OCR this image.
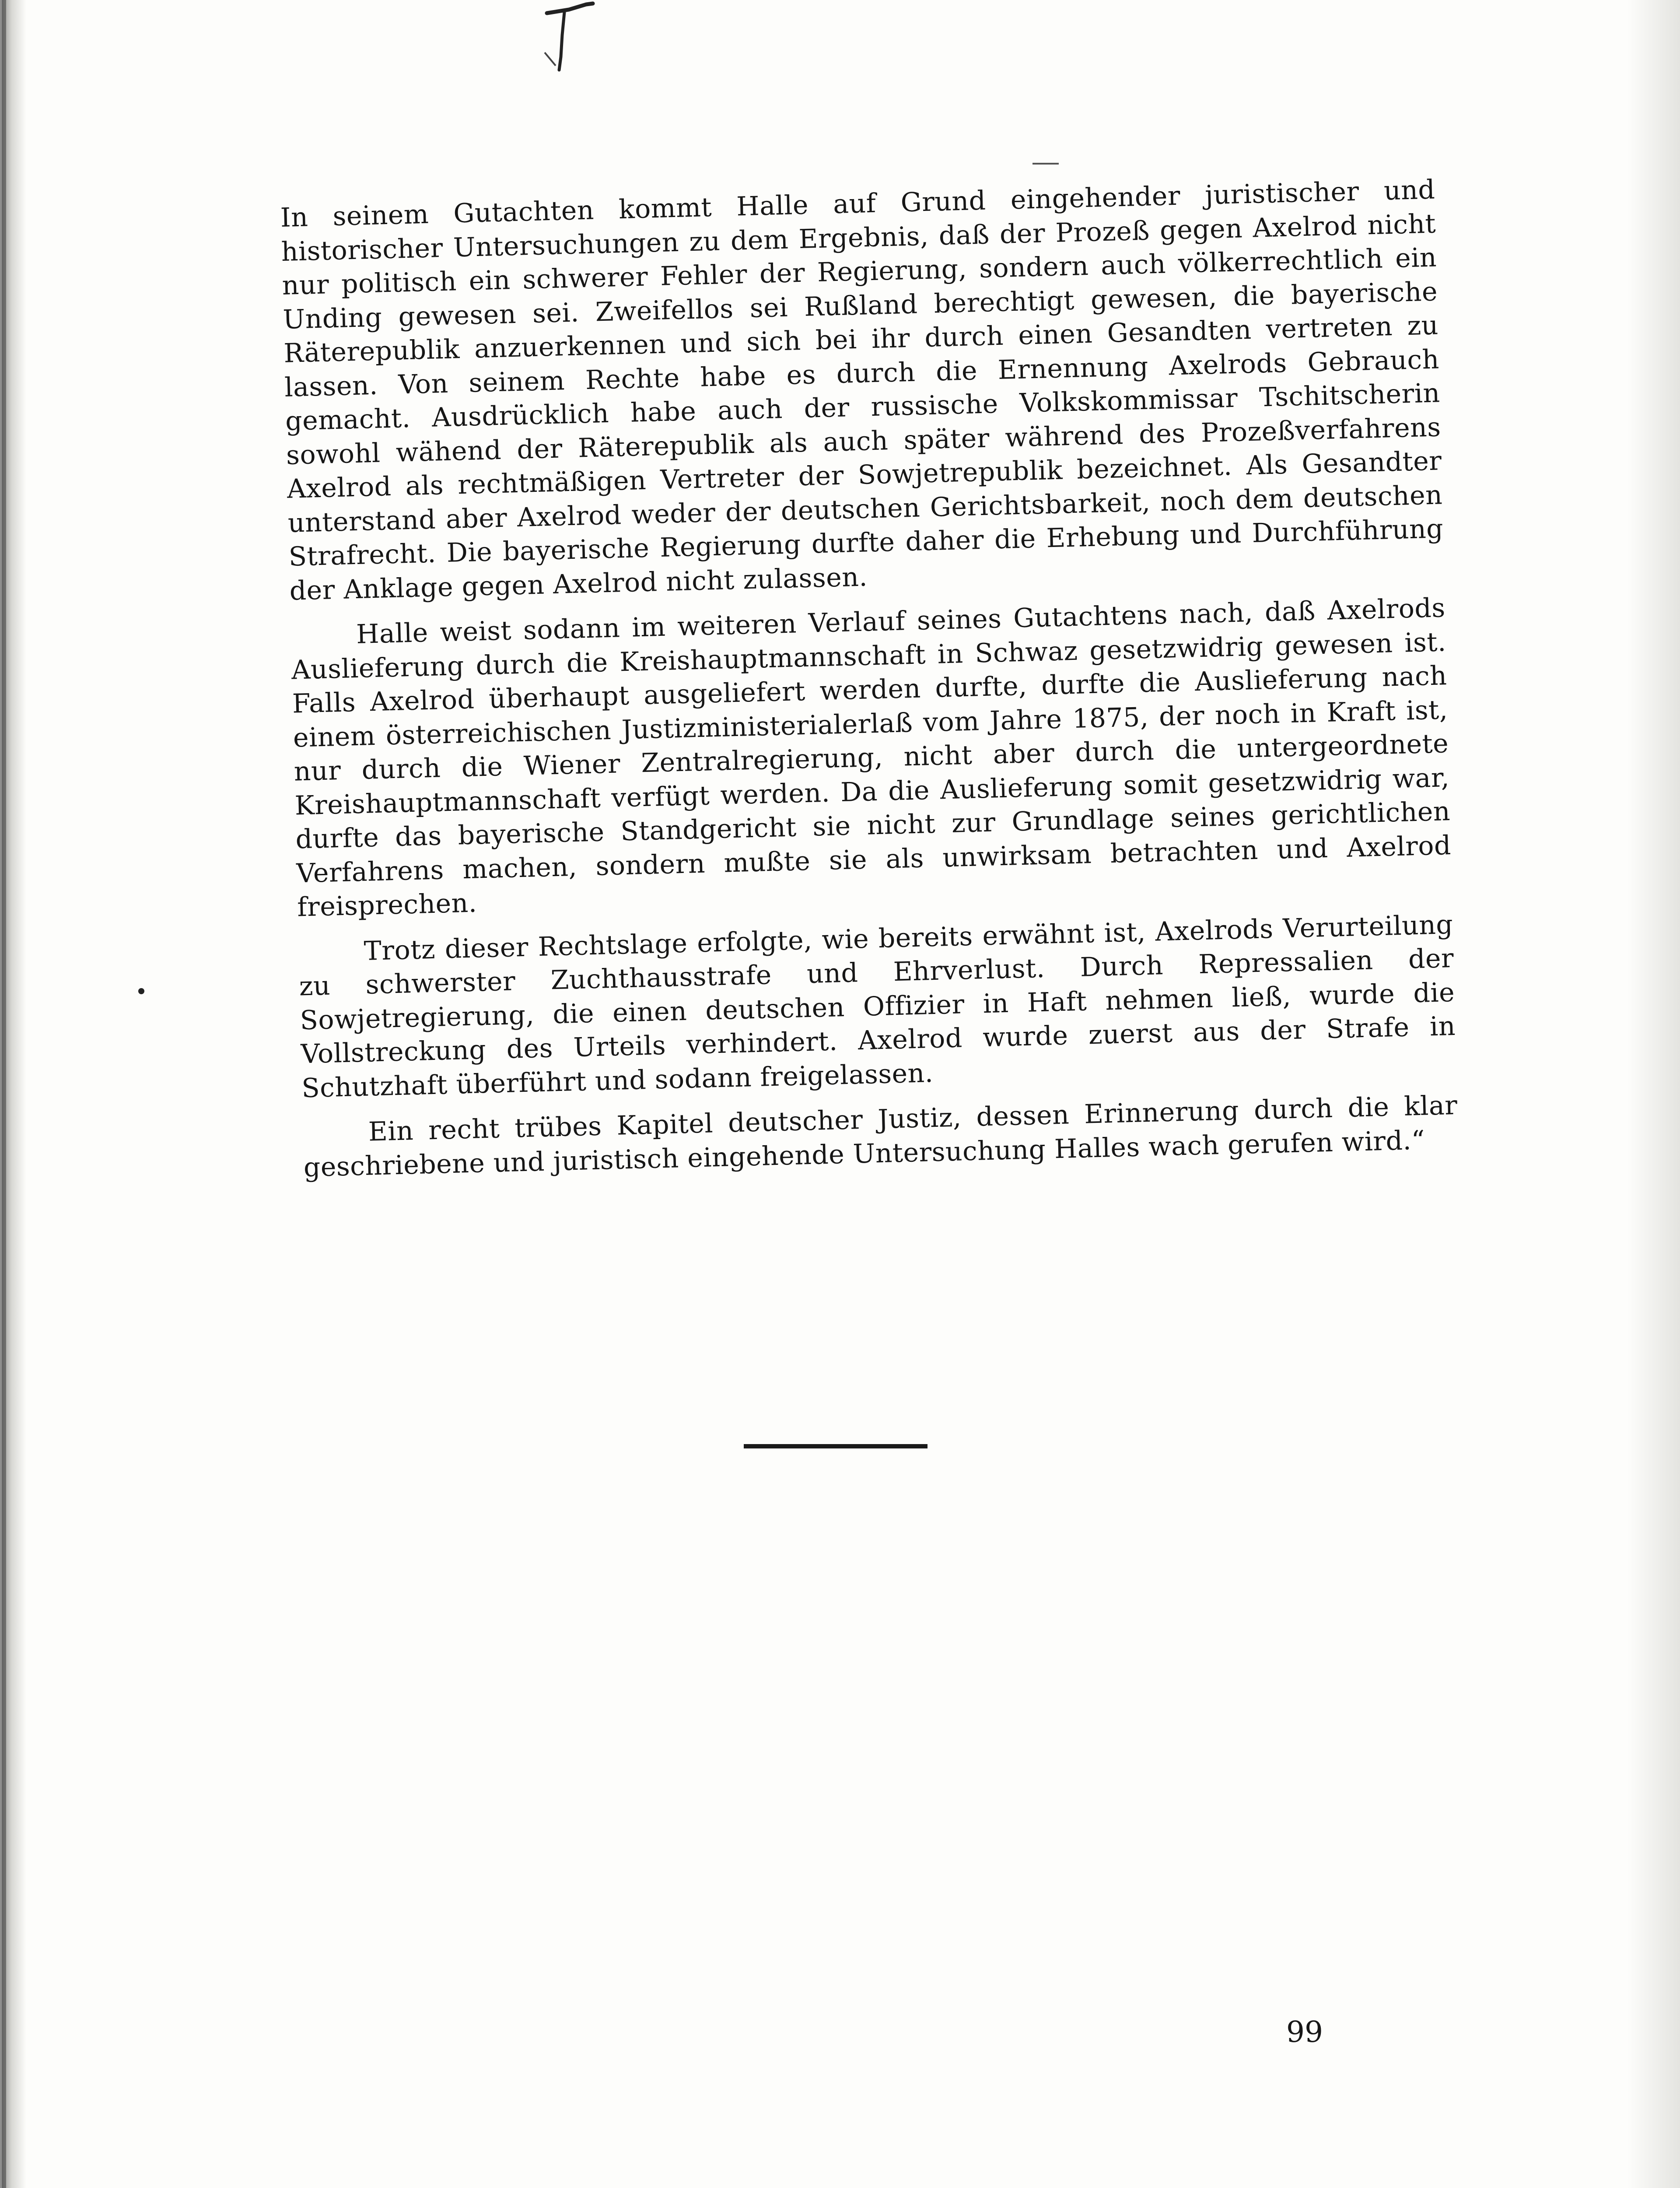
In seinem Gutachten kommt Halle auf Grund eingehender juristischer und historischer Untersuchungen zu dem Ergebnis, daß der Prozeß gegen Axelrod nicht nur politisch ein schwerer Fehler der Regierung, sondern auch völkerrechtlich ein Unding gewesen sei. Zweifellos sei Rußland berechtigt gewesen, die bayerische Räterepublik anzuerkennen und sich bei ihr durch einen Gesandten vertreten zu lassen. Von seinem Rechte habe es durch die Ernennung Axelrods Gebrauch gemacht. Ausdrücklich habe auch der russische Volkskommissar Tschitscherin sowohl wähend der Räterepublik als auch später während des Prozeßverfahrens Axelrod als rechtmäßigen Vertreter der Sowjetrepublik bezeichnet. Als Gesandter unterstand aber Axelrod weder der deutschen Gerichtsbarkeit, noch dem deutschen Strafrecht. Die bayerische Regierung durfte daher die Erhebung und Durchführung der Anklage gegen Axelrod nicht zulassen.

Halle weist sodann im weiteren Verlauf seines Gutachtens nach, daß Axelrods Auslieferung durch die Kreishauptmannschaft in Schwaz gesetzwidrig gewesen ist. Falls Axelrod überhaupt ausgeliefert werden durfte, durfte die Auslieferung nach einem österreichischen Justizministerialerlaß vom Jahre 1875, der noch in Kraft ist, nur durch die Wiener Zentralregierung, nicht aber durch die untergeordnete Kreishauptmannschaft verfügt werden. Da die Auslieferung somit gesetzwidrig war, durfte das bayerische Standgericht sie nicht zur Grundlage seines gerichtlichen Verfahrens machen, sondern mußte sie als unwirksam betrachten und Axelrod freisprechen.

Trotz dieser Rechtslage erfolgte, wie bereits erwähnt ist, Axelrods Verurteilung zu schwerster Zuchthausstrafe und Ehrverlust. Durch Repressalien der Sowjetregierung, die einen deutschen Offizier in Haft nehmen ließ, wurde die Vollstreckung des Urteils verhindert. Axelrod wurde zuerst aus der Strafe in Schutzhaft überführt und sodann freigelassen.

Ein recht trübes Kapitel deutscher Justiz, dessen Erinnerung durch die klar geschriebene und juristisch eingehende Untersuchung Halles wach gerufen wird.“

99
